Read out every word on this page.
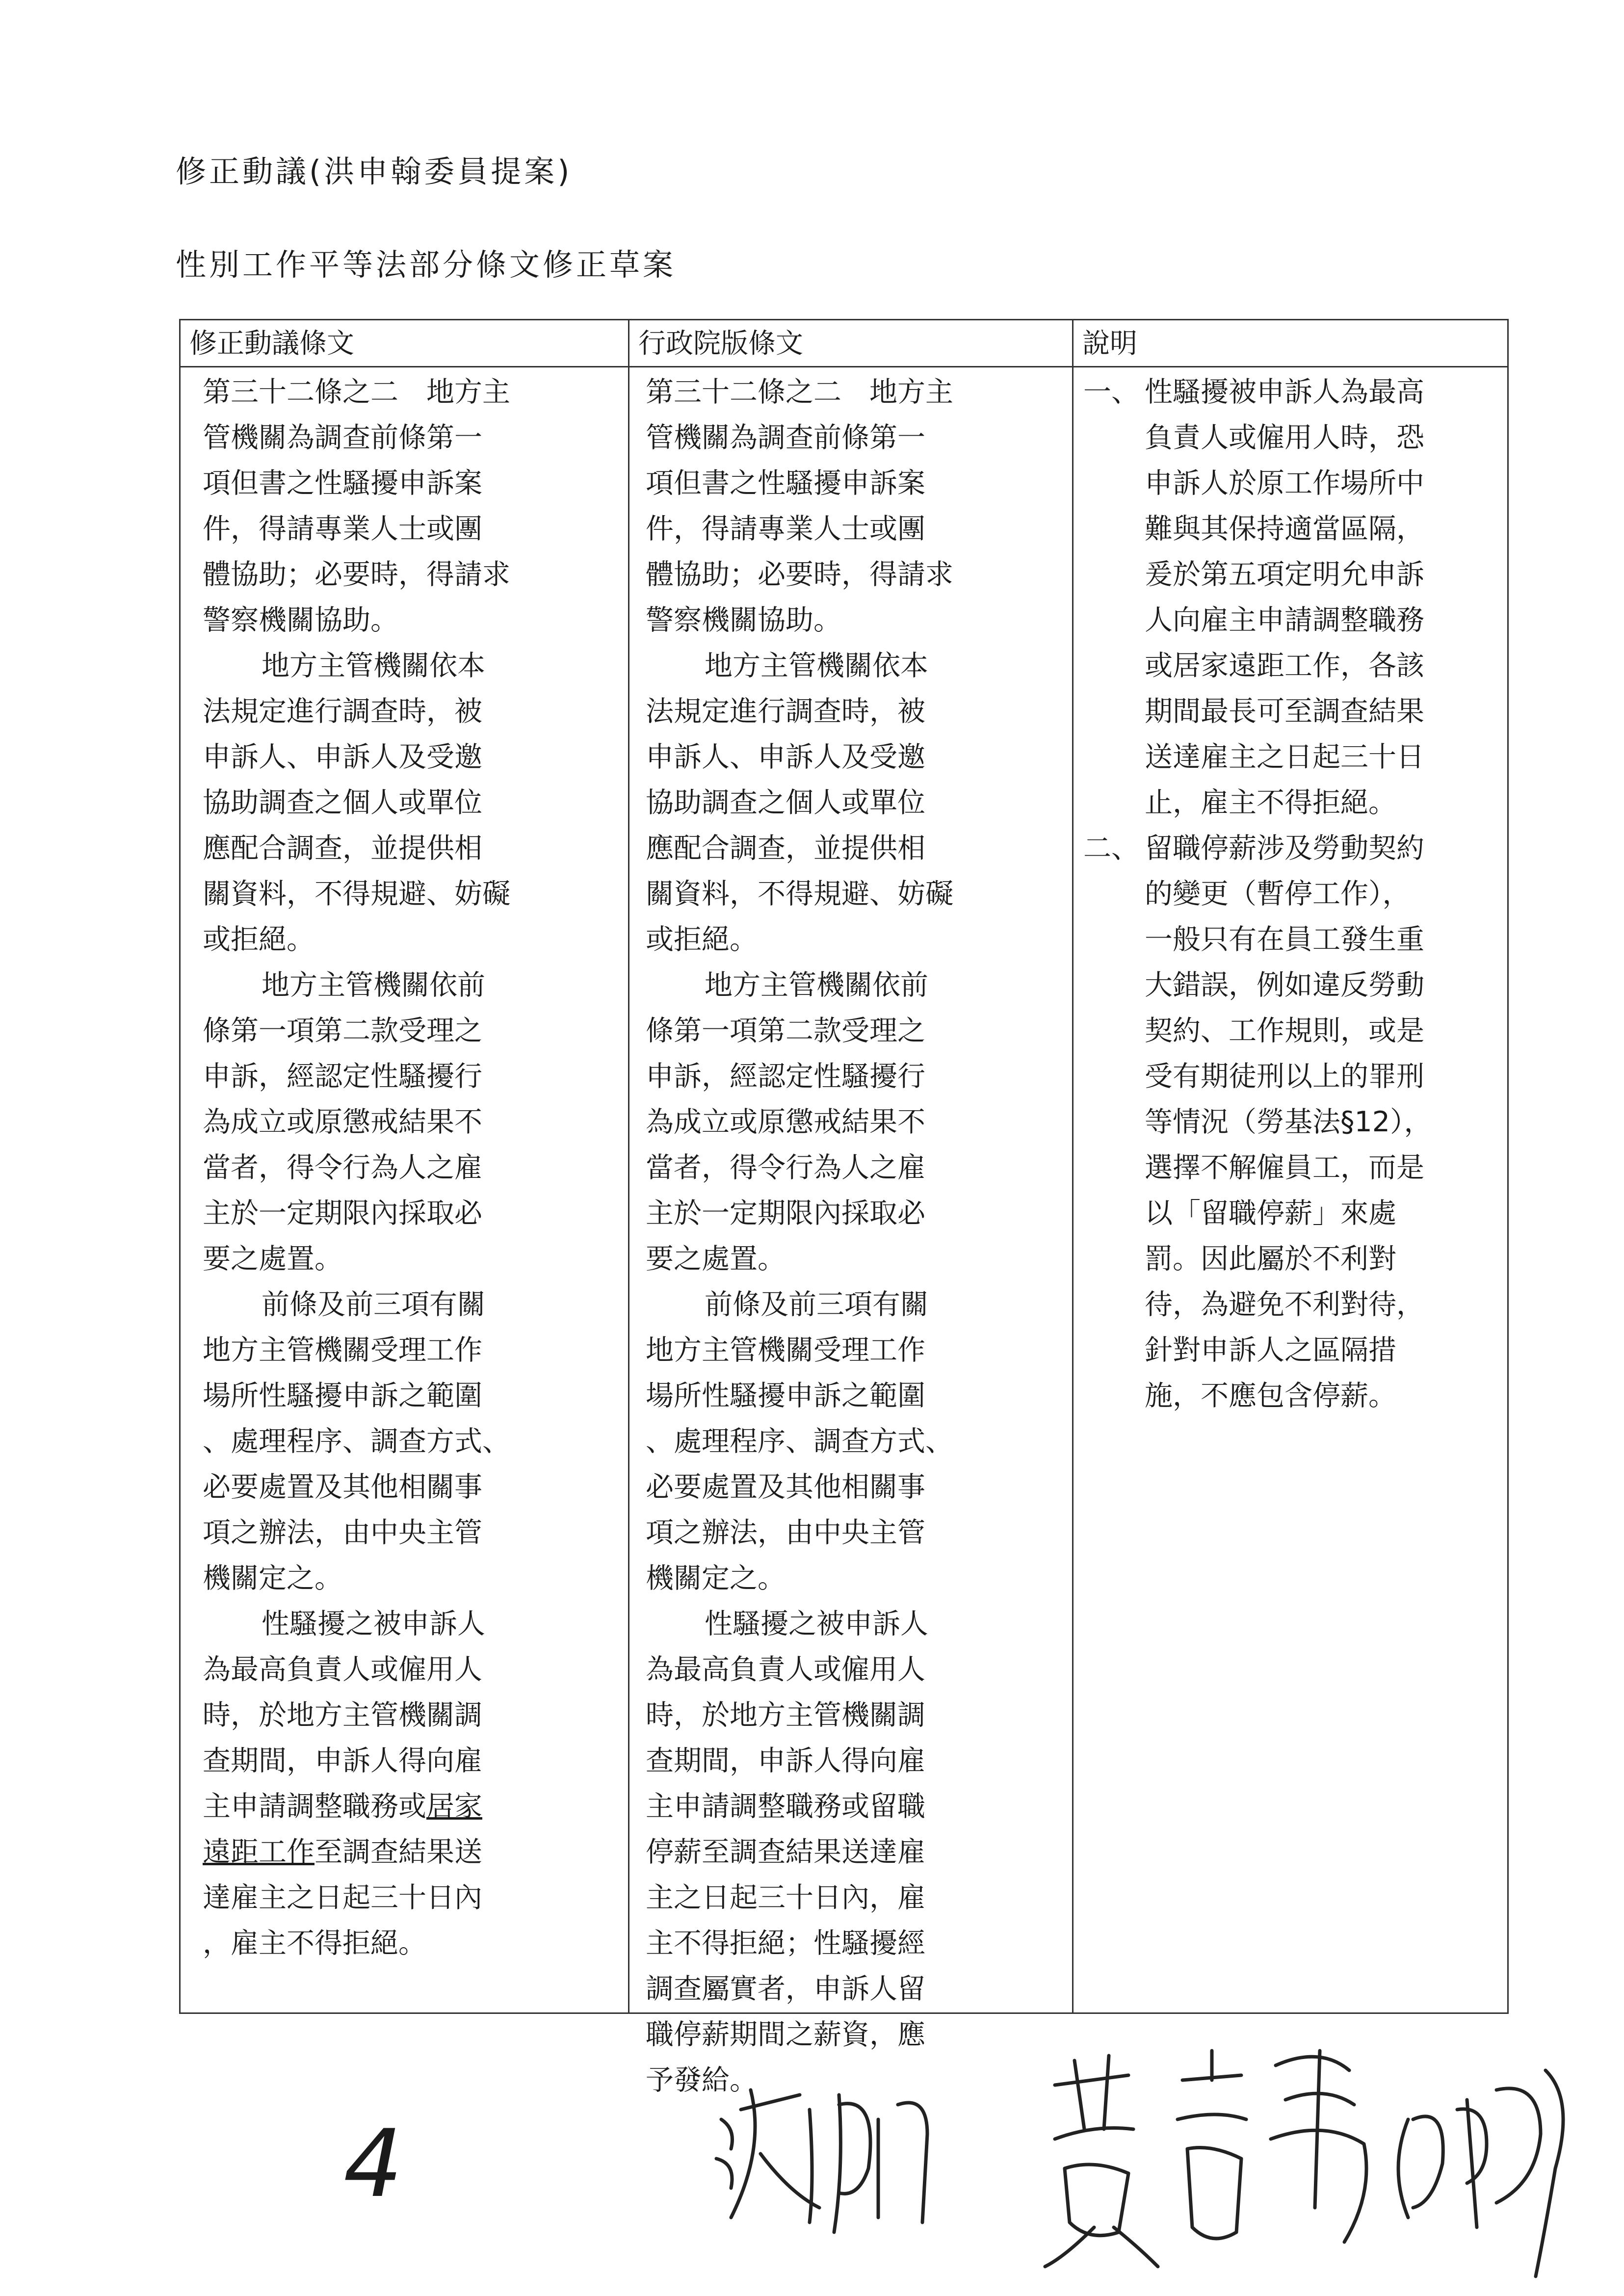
修正動議(洪申翰委員提案)
性別工作平等法部分條文修正草案
修正動議條文	行政院版條文	說明
第三十二條之二　地方主
管機關為調查前條第一
項但書之性騷擾申訴案
件，得請專業人士或團
體協助；必要時，得請求
警察機關協助。
地方主管機關依本
法規定進行調查時，被
申訴人、申訴人及受邀
協助調查之個人或單位
應配合調查，並提供相
關資料，不得規避、妨礙
或拒絕。
地方主管機關依前
條第一項第二款受理之
申訴，經認定性騷擾行
為成立或原懲戒結果不
當者，得令行為人之雇
主於一定期限內採取必
要之處置。
前條及前三項有關
地方主管機關受理工作
場所性騷擾申訴之範圍
、處理程序、調查方式、
必要處置及其他相關事
項之辦法，由中央主管
機關定之。
性騷擾之被申訴人
為最高負責人或僱用人
時，於地方主管機關調
查期間，申訴人得向雇
主申請調整職務或居家
遠距工作至調查結果送
達雇主之日起三十日內
，雇主不得拒絕。
第三十二條之二　地方主
管機關為調查前條第一
項但書之性騷擾申訴案
件，得請專業人士或團
體協助；必要時，得請求
警察機關協助。
地方主管機關依本
法規定進行調查時，被
申訴人、申訴人及受邀
協助調查之個人或單位
應配合調查，並提供相
關資料，不得規避、妨礙
或拒絕。
地方主管機關依前
條第一項第二款受理之
申訴，經認定性騷擾行
為成立或原懲戒結果不
當者，得令行為人之雇
主於一定期限內採取必
要之處置。
前條及前三項有關
地方主管機關受理工作
場所性騷擾申訴之範圍
、處理程序、調查方式、
必要處置及其他相關事
項之辦法，由中央主管
機關定之。
性騷擾之被申訴人
為最高負責人或僱用人
時，於地方主管機關調
查期間，申訴人得向雇
主申請調整職務或留職
停薪至調查結果送達雇
主之日起三十日內，雇
主不得拒絕；性騷擾經
調查屬實者，申訴人留
職停薪期間之薪資，應
予發給。
一、 性騷擾被申訴人為最高
負責人或僱用人時，恐
申訴人於原工作場所中
難與其保持適當區隔，
爰於第五項定明允申訴
人向雇主申請調整職務
或居家遠距工作，各該
期間最長可至調查結果
送達雇主之日起三十日
止，雇主不得拒絕。
二、 留職停薪涉及勞動契約
的變更（暫停工作），
一般只有在員工發生重
大錯誤，例如違反勞動
契約、工作規則，或是
受有期徒刑以上的罪刑
等情況（勞基法§12），
選擇不解僱員工，而是
以「留職停薪」來處
罰。因此屬於不利對
待，為避免不利對待，
針對申訴人之區隔措
施，不應包含停薪。
4
